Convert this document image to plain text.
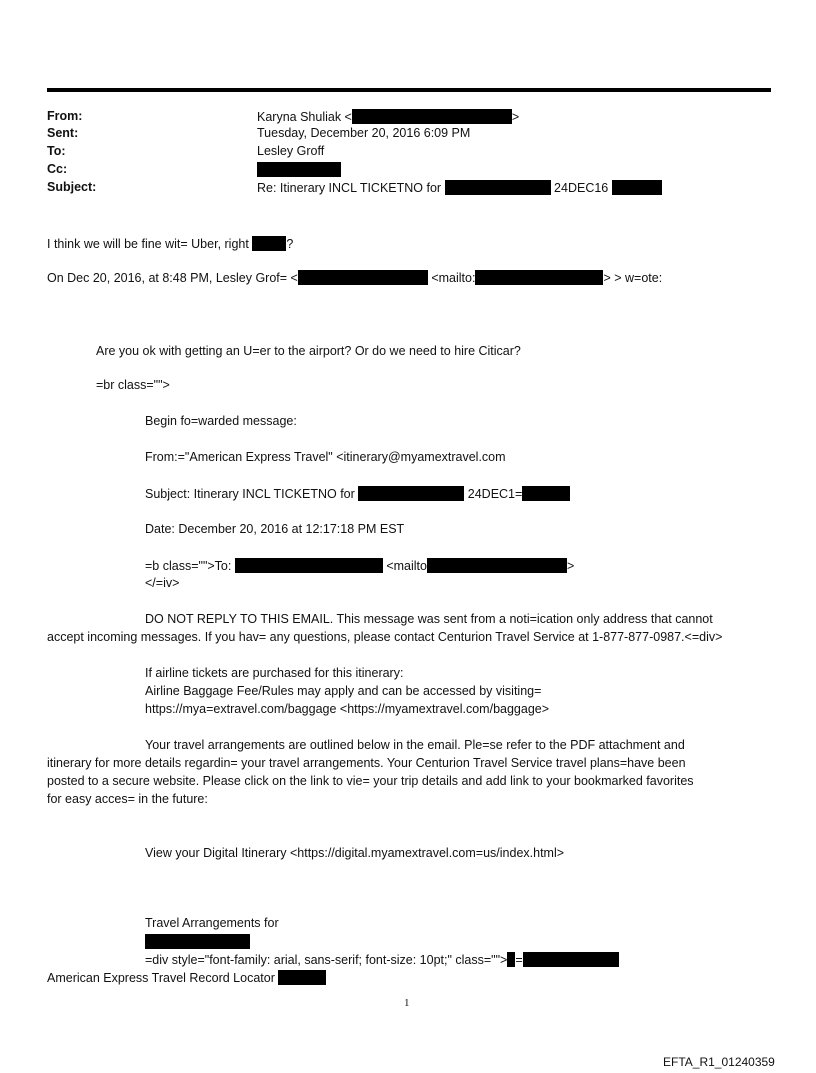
From:	Karyna Shuliak <	>
Sent:	Tuesday, December 20, 2016 6:09 PM
To:	Lesley Groff
Cc:
Subject:	Re: Itinerary INCL TICKETNO for	24DEC16
I think we will be fine wit= Uber, right	?
On Dec 20, 2016, at 8:48 PM, Lesley Grof= <	<mailto:	> > w=ote:
Are you ok with getting an U=er to the airport? Or do we need to hire Citicar?
=br class="">
Begin fo=warded message:
From:="American Express Travel" <itinerary@myamextravel.com
Subject: Itinerary INCL TICKETNO for	24DEC1=
Date: December 20, 2016 at 12:17:18 PM EST
=b class="">To:	<mailto	>
</=iv>
DO NOT REPLY TO THIS EMAIL. This message was sent from a noti=ication only address that cannot
accept incoming messages. If you hav= any questions, please contact Centurion Travel Service at 1-877-877-0987.<=div>
If airline tickets are purchased for this itinerary:
Airline Baggage Fee/Rules may apply and can be accessed by visiting=
https://mya=extravel.com/baggage <https://myamextravel.com/baggage>
Your travel arrangements are outlined below in the email. Ple=se refer to the PDF attachment and
itinerary for more details regardin= your travel arrangements. Your Centurion Travel Service travel plans=have been
posted to a secure website. Please click on the link to vie= your trip details and add link to your bookmarked favorites
for easy acces= in the future:
View your Digital Itinerary <https://digital.myamextravel.com=us/index.html>
Travel Arrangements for
=div style="font-family: arial, sans-serif; font-size: 10pt;" class=""> =
American Express Travel Record Locator
1
EFTA_R1_01240359
